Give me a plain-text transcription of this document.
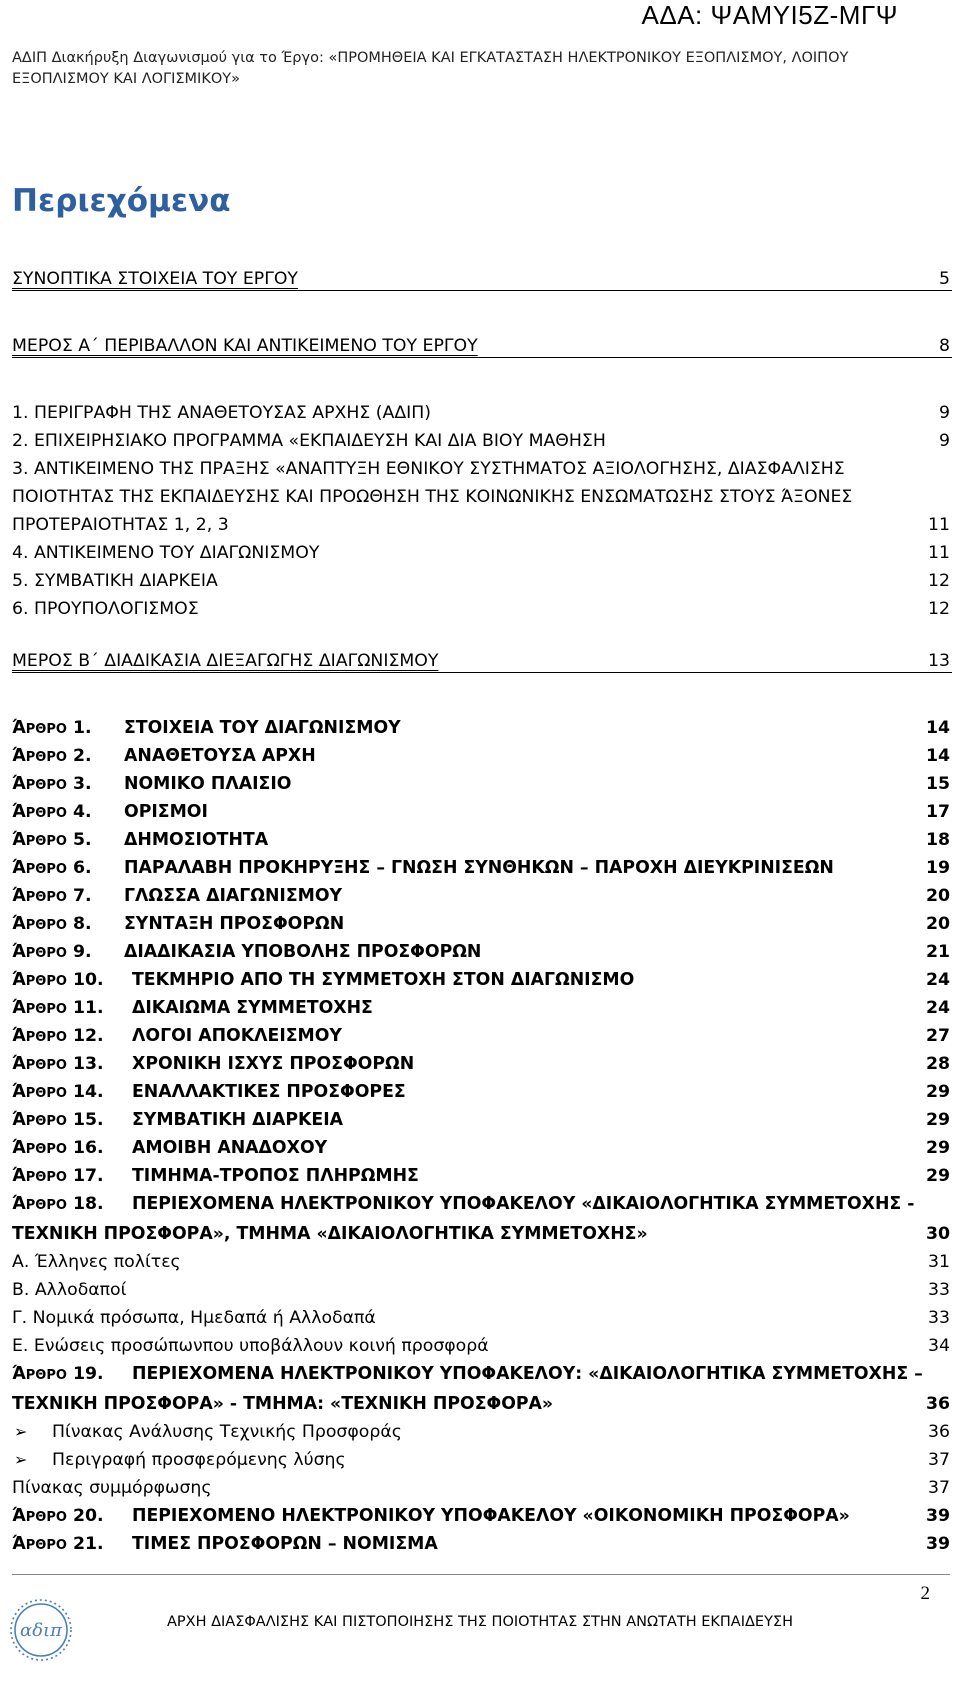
ΑΔΑ: ΨΑΜΥΙ5Ζ-ΜΓΨ
ΑΔΙΠ Διακήρυξη Διαγωνισμού για το Έργο: «ΠΡΟΜΗΘΕΙΑ ΚΑΙ ΕΓΚΑΤΑΣΤΑΣΗ ΗΛΕΚΤΡΟΝΙΚΟΥ ΕΞΟΠΛΙΣΜΟΥ, ΛΟΙΠΟΥ ΕΞΟΠΛΙΣΜΟΥ ΚΑΙ ΛΟΓΙΣΜΙΚΟΥ»
Περιεχόμενα
ΣΥΝΟΠΤΙΚΑ ΣΤΟΙΧΕΙΑ ΤΟΥ ΕΡΓΟΥ	5
ΜΕΡΟΣ Α΄ ΠΕΡΙΒΑΛΛΟΝ ΚΑΙ ΑΝΤΙΚΕΙΜΕΝΟ ΤΟΥ ΕΡΓΟΥ	8
1. ΠΕΡΙΓΡΑΦΗ ΤΗΣ ΑΝΑΘΕΤΟΥΣΑΣ ΑΡΧΗΣ (ΑΔΙΠ)	9
2. ΕΠΙΧΕΙΡΗΣΙΑΚΟ ΠΡΟΓΡΑΜΜΑ «ΕΚΠΑΙΔΕΥΣΗ ΚΑΙ ΔΙΑ ΒΙΟΥ ΜΑΘΗΣΗ	9
3. ΑΝΤΙΚΕΙΜΕΝΟ ΤΗΣ ΠΡΑΞΗΣ «ΑΝΑΠΤΥΞΗ ΕΘΝΙΚΟΥ ΣΥΣΤΗΜΑΤΟΣ ΑΞΙΟΛΟΓΗΣΗΣ, ΔΙΑΣΦΑΛΙΣΗΣ ΠΟΙΟΤΗΤΑΣ ΤΗΣ ΕΚΠΑΙΔΕΥΣΗΣ ΚΑΙ ΠΡΟΩΘΗΣΗ ΤΗΣ ΚΟΙΝΩΝΙΚΗΣ ΕΝΣΩΜΑΤΩΣΗΣ ΣΤΟΥΣ ΆΞΟΝΕΣ ΠΡΟΤΕΡΑΙΟΤΗΤΑΣ 1, 2, 3	11
4. ΑΝΤΙΚΕΙΜΕΝΟ ΤΟΥ ΔΙΑΓΩΝΙΣΜΟΥ	11
5. ΣΥΜΒΑΤΙΚΗ ΔΙΑΡΚΕΙΑ	12
6. ΠΡΟΥΠΟΛΟΓΙΣΜΟΣ	12
ΜΕΡΟΣ Β΄ ΔΙΑΔΙΚΑΣΙΑ ΔΙΕΞΑΓΩΓΗΣ ΔΙΑΓΩΝΙΣΜΟΥ	13
ΆΡΘΡΟ 1. ΣΤΟΙΧΕΙΑ ΤΟΥ ΔΙΑΓΩΝΙΣΜΟΥ	14
ΆΡΘΡΟ 2. ΑΝΑΘΕΤΟΥΣΑ ΑΡΧΗ	14
ΆΡΘΡΟ 3. ΝΟΜΙΚΟ ΠΛΑΙΣΙΟ	15
ΆΡΘΡΟ 4. ΟΡΙΣΜΟΙ	17
ΆΡΘΡΟ 5. ΔΗΜΟΣΙΟΤΗΤΑ	18
ΆΡΘΡΟ 6. ΠΑΡΑΛΑΒΗ ΠΡΟΚΗΡΥΞΗΣ – ΓΝΩΣΗ ΣΥΝΘΗΚΩΝ – ΠΑΡΟΧΗ ΔΙΕΥΚΡΙΝΙΣΕΩΝ	19
ΆΡΘΡΟ 7. ΓΛΩΣΣΑ ΔΙΑΓΩΝΙΣΜΟΥ	20
ΆΡΘΡΟ 8. ΣΥΝΤΑΞΗ ΠΡΟΣΦΟΡΩΝ	20
ΆΡΘΡΟ 9. ΔΙΑΔΙΚΑΣΙΑ ΥΠΟΒΟΛΗΣ ΠΡΟΣΦΟΡΩΝ	21
ΆΡΘΡΟ 10. ΤΕΚΜΗΡΙΟ ΑΠΟ ΤΗ ΣΥΜΜΕΤΟΧΗ ΣΤΟΝ ΔΙΑΓΩΝΙΣΜΟ	24
ΆΡΘΡΟ 11. ΔΙΚΑΙΩΜΑ ΣΥΜΜΕΤΟΧΗΣ	24
ΆΡΘΡΟ 12. ΛΟΓΟΙ ΑΠΟΚΛΕΙΣΜΟΥ	27
ΆΡΘΡΟ 13. ΧΡΟΝΙΚΗ ΙΣΧΥΣ ΠΡΟΣΦΟΡΩΝ	28
ΆΡΘΡΟ 14. ΕΝΑΛΛΑΚΤΙΚΕΣ ΠΡΟΣΦΟΡΕΣ	29
ΆΡΘΡΟ 15. ΣΥΜΒΑΤΙΚΗ ΔΙΑΡΚΕΙΑ	29
ΆΡΘΡΟ 16. ΑΜΟΙΒΗ ΑΝΑΔΟΧΟΥ	29
ΆΡΘΡΟ 17. ΤΙΜΗΜΑ-ΤΡΟΠΟΣ ΠΛΗΡΩΜΗΣ	29
ΆΡΘΡΟ 18. ΠΕΡΙΕΧΟΜΕΝΑ ΗΛΕΚΤΡΟΝΙΚΟΥ ΥΠΟΦΑΚΕΛΟΥ «ΔΙΚΑΙΟΛΟΓΗΤΙΚΑ ΣΥΜΜΕΤΟΧΗΣ - ΤΕΧΝΙΚΗ ΠΡΟΣΦΟΡΑ», ΤΜΗΜΑ «ΔΙΚΑΙΟΛΟΓΗΤΙΚΑ ΣΥΜΜΕΤΟΧΗΣ»	30
Α. Έλληνες πολίτες	31
Β. Αλλοδαποί	33
Γ. Νομικά πρόσωπα, Ημεδαπά ή Αλλοδαπά	33
Ε. Ενώσεις προσώπωνπου υποβάλλουν κοινή προσφορά	34
ΆΡΘΡΟ 19. ΠΕΡΙΕΧΟΜΕΝΑ ΗΛΕΚΤΡΟΝΙΚΟΥ ΥΠΟΦΑΚΕΛΟΥ: «ΔΙΚΑΙΟΛΟΓΗΤΙΚΑ ΣΥΜΜΕΤΟΧΗΣ – ΤΕΧΝΙΚΗ ΠΡΟΣΦΟΡΑ» - ΤΜΗΜΑ: «ΤΕΧΝΙΚΗ ΠΡΟΣΦΟΡΑ»	36
➢ Πίνακας Ανάλυσης Τεχνικής Προσφοράς	36
➢ Περιγραφή προσφερόμενης λύσης	37
Πίνακας συμμόρφωσης	37
ΆΡΘΡΟ 20. ΠΕΡΙΕΧΟΜΕΝΟ ΗΛΕΚΤΡΟΝΙΚΟΥ ΥΠΟΦΑΚΕΛΟΥ «ΟΙΚΟΝΟΜΙΚΗ ΠΡΟΣΦΟΡΑ»	39
ΆΡΘΡΟ 21. ΤΙΜΕΣ ΠΡΟΣΦΟΡΩΝ – ΝΟΜΙΣΜΑ	39
2
αδιπ	ΑΡΧΗ ΔΙΑΣΦΑΛΙΣΗΣ ΚΑΙ ΠΙΣΤΟΠΟΙΗΣΗΣ ΤΗΣ ΠΟΙΟΤΗΤΑΣ ΣΤΗΝ ΑΝΩΤΑΤΗ ΕΚΠΑΙΔΕΥΣΗ
